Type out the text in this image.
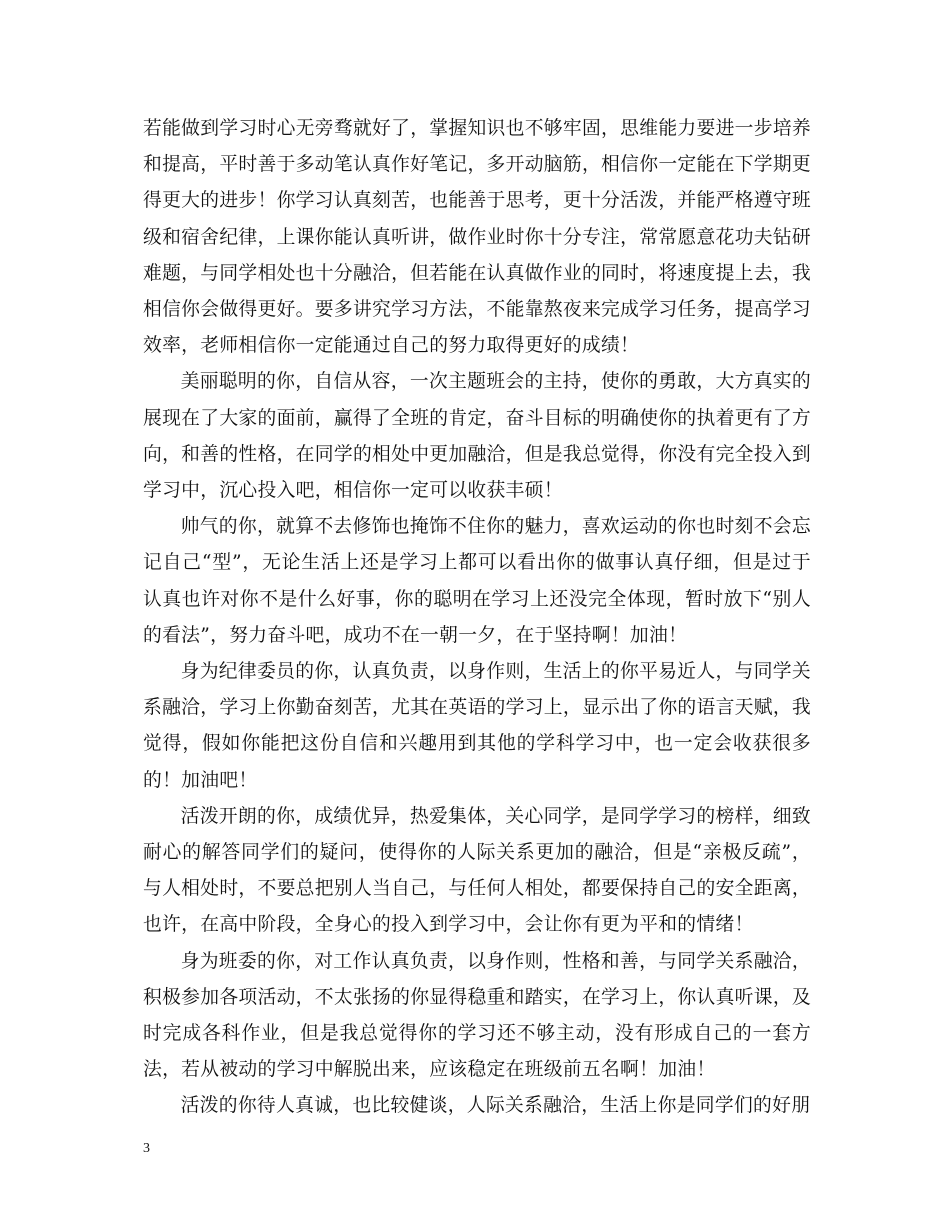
若能做到学习时心无旁骛就好了，掌握知识也不够牢固，思维能力要进一步培养和提高，平时善于多动笔认真作好笔记，多开动脑筋，相信你一定能在下学期更得更大的进步！你学习认真刻苦，也能善于思考，更十分活泼，并能严格遵守班级和宿舍纪律，上课你能认真听讲，做作业时你十分专注，常常愿意花功夫钻研难题，与同学相处也十分融洽，但若能在认真做作业的同时，将速度提上去，我相信你会做得更好。要多讲究学习方法，不能靠熬夜来完成学习任务，提高学习效率，老师相信你一定能通过自己的努力取得更好的成绩！

美丽聪明的你，自信从容，一次主题班会的主持，使你的勇敢，大方真实的展现在了大家的面前，赢得了全班的肯定，奋斗目标的明确使你的执着更有了方向，和善的性格，在同学的相处中更加融洽，但是我总觉得，你没有完全投入到学习中，沉心投入吧，相信你一定可以收获丰硕！

帅气的你，就算不去修饰也掩饰不住你的魅力，喜欢运动的你也时刻不会忘记自己“型”，无论生活上还是学习上都可以看出你的做事认真仔细，但是过于认真也许对你不是什么好事，你的聪明在学习上还没完全体现，暂时放下“别人的看法”，努力奋斗吧，成功不在一朝一夕，在于坚持啊！加油！

身为纪律委员的你，认真负责，以身作则，生活上的你平易近人，与同学关系融洽，学习上你勤奋刻苦，尤其在英语的学习上，显示出了你的语言天赋，我觉得，假如你能把这份自信和兴趣用到其他的学科学习中，也一定会收获很多的！加油吧！

活泼开朗的你，成绩优异，热爱集体，关心同学，是同学学习的榜样，细致耐心的解答同学们的疑问，使得你的人际关系更加的融洽，但是“亲极反疏”，与人相处时，不要总把别人当自己，与任何人相处，都要保持自己的安全距离，也许，在高中阶段，全身心的投入到学习中，会让你有更为平和的情绪！

身为班委的你，对工作认真负责，以身作则，性格和善，与同学关系融洽，积极参加各项活动，不太张扬的你显得稳重和踏实，在学习上，你认真听课，及时完成各科作业，但是我总觉得你的学习还不够主动，没有形成自己的一套方法，若从被动的学习中解脱出来，应该稳定在班级前五名啊！加油！

活泼的你待人真诚，也比较健谈，人际关系融洽，生活上你是同学们的好朋

3
